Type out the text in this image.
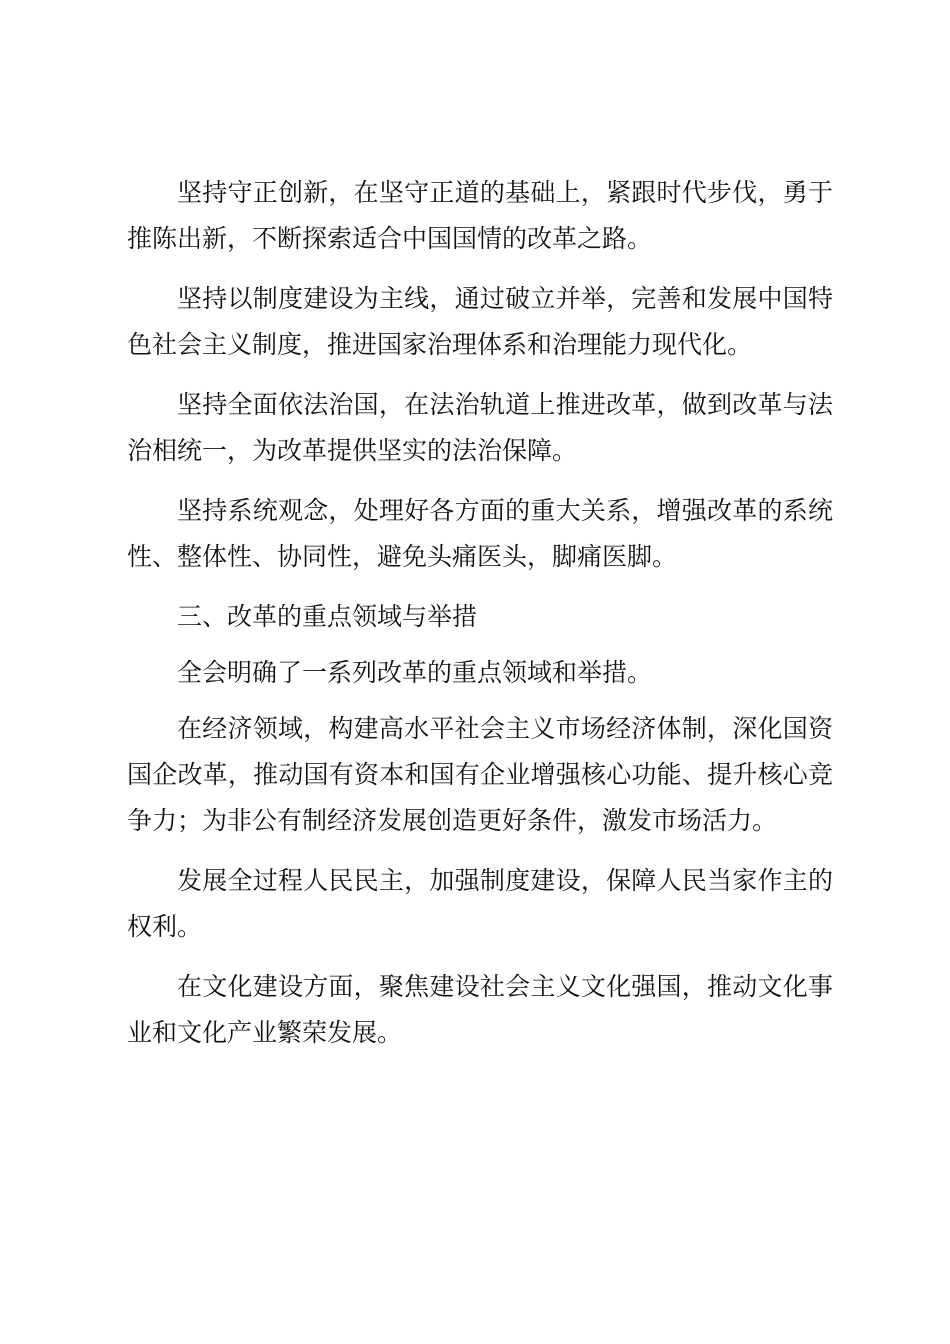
坚持守正创新，在坚守正道的基础上，紧跟时代步伐，勇于推陈出新，不断探索适合中国国情的改革之路。

坚持以制度建设为主线，通过破立并举，完善和发展中国特色社会主义制度，推进国家治理体系和治理能力现代化。

坚持全面依法治国，在法治轨道上推进改革，做到改革与法治相统一，为改革提供坚实的法治保障。

坚持系统观念，处理好各方面的重大关系，增强改革的系统性、整体性、协同性，避免头痛医头，脚痛医脚。

三、改革的重点领域与举措

全会明确了一系列改革的重点领域和举措。

在经济领域，构建高水平社会主义市场经济体制，深化国资国企改革，推动国有资本和国有企业增强核心功能、提升核心竞争力；为非公有制经济发展创造更好条件，激发市场活力。

发展全过程人民民主，加强制度建设，保障人民当家作主的权利。

在文化建设方面，聚焦建设社会主义文化强国，推动文化事业和文化产业繁荣发展。
